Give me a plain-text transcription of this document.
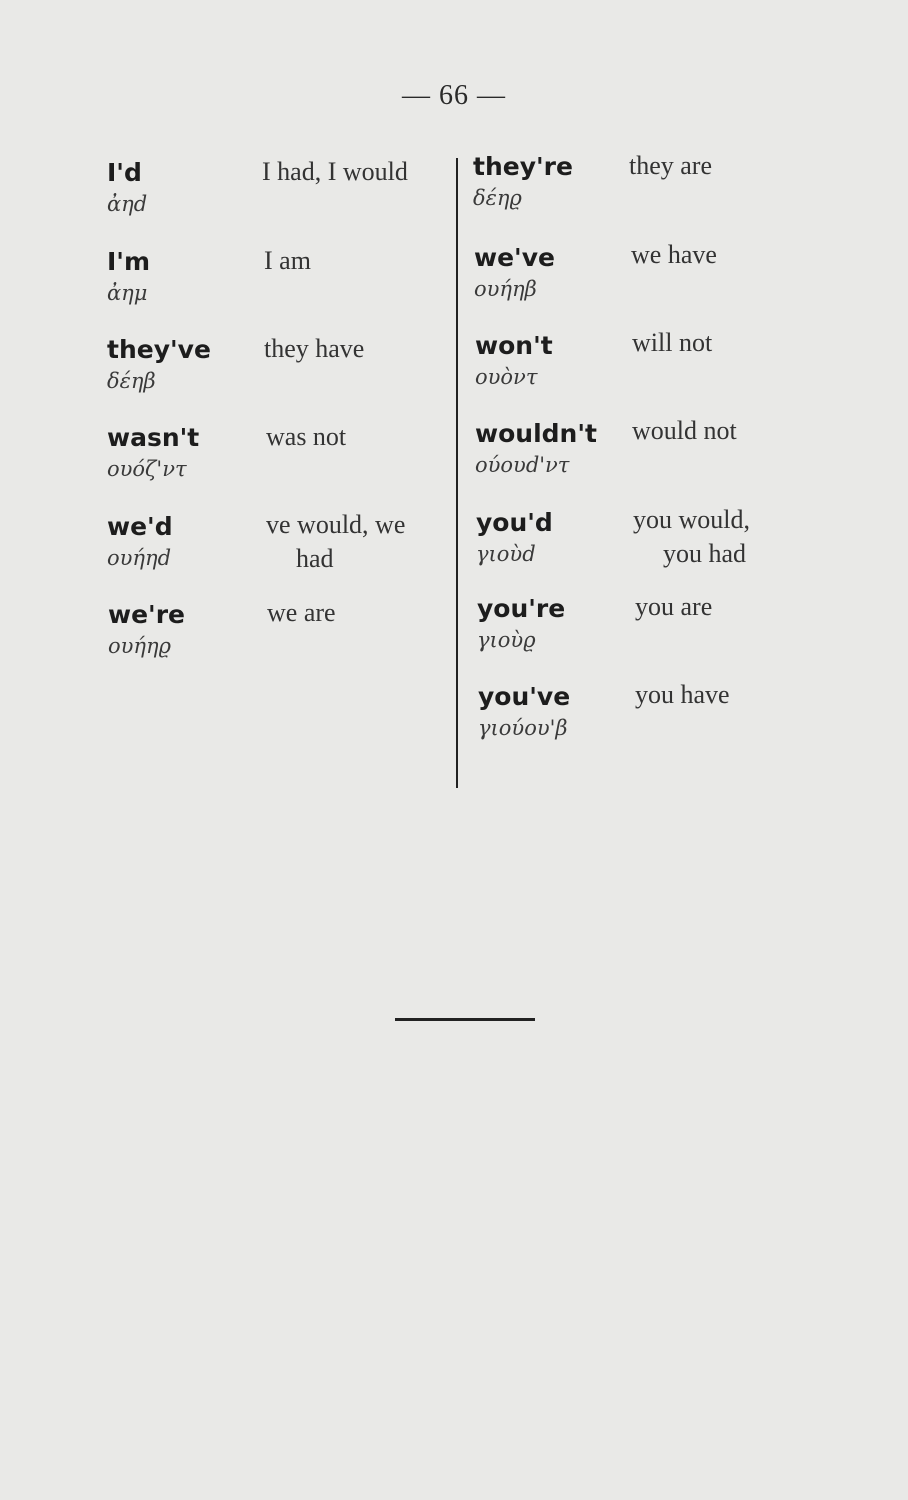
— 66 —
I'd
ἀηd
I had, I would
I'm
ἀημ
I am
they've
δέηβ
they have
wasn't
ουόζ'ντ
was not
we'd
ουήηd
ve would, we
had
we're
ουήηϱ
we are
they're
δέηϱ
they are
we've
ουήηβ
we have
won't
ουὸντ
will not
wouldn't
ούουd'ντ
would not
you'd
γιοὺd
you would,
you had
you're
γιοὺϱ
you are
you've
γιούου'β
you have
